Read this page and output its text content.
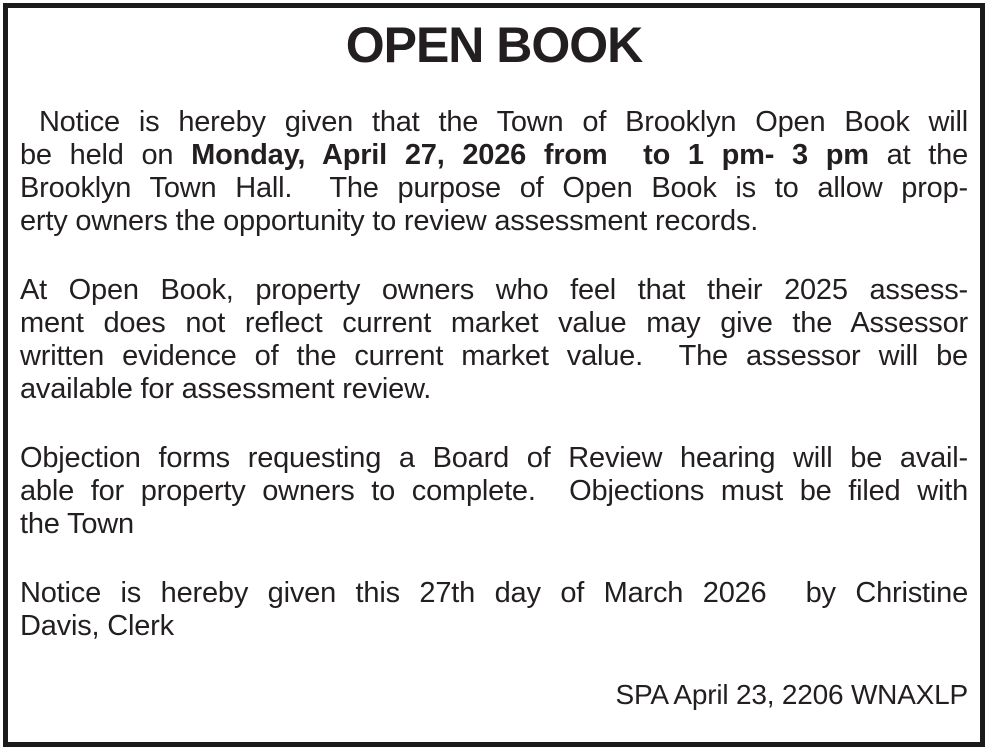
OPEN BOOK

Notice is hereby given that the Town of Brooklyn Open Book will
be held on Monday, April 27, 2026 from  to 1 pm- 3 pm at the
Brooklyn Town Hall.  The purpose of Open Book is to allow prop-
erty owners the opportunity to review assessment records.

At Open Book, property owners who feel that their 2025 assess-
ment does not reflect current market value may give the Assessor
written evidence of the current market value.  The assessor will be
available for assessment review.

Objection forms requesting a Board of Review hearing will be avail-
able for property owners to complete.  Objections must be filed with
the Town

Notice is hereby given this 27th day of March 2026  by Christine
Davis, Clerk

SPA April 23, 2206 WNAXLP
